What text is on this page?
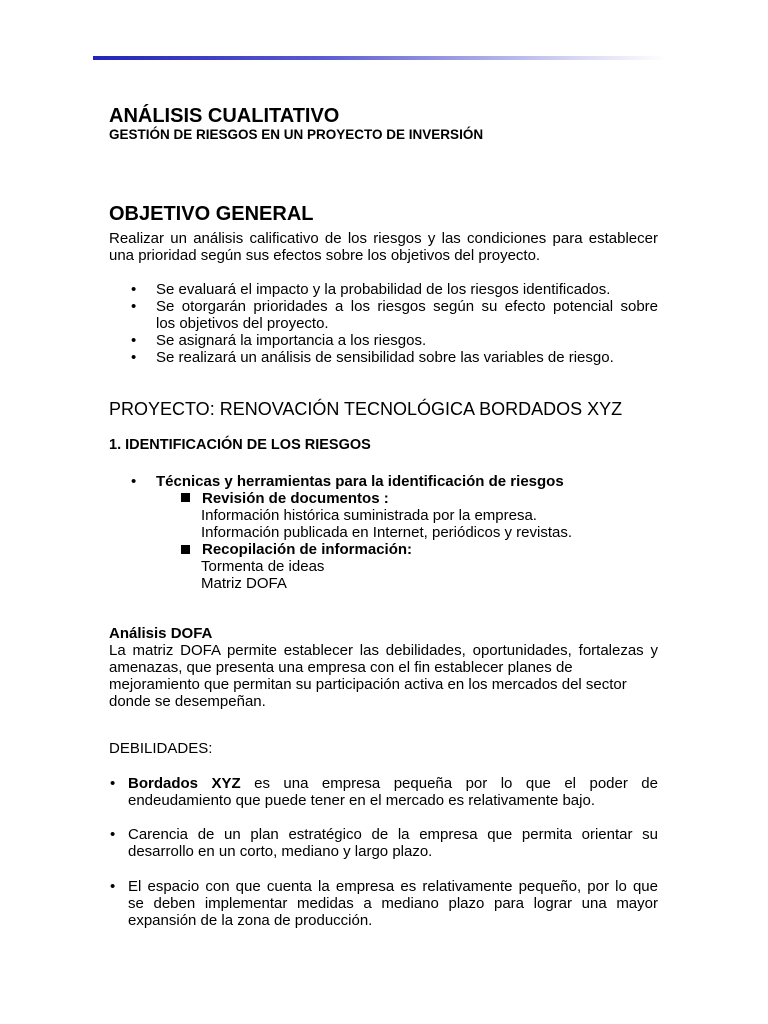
ANÁLISIS CUALITATIVO
GESTIÓN DE RIESGOS EN UN PROYECTO DE INVERSIÓN
OBJETIVO GENERAL
Realizar un análisis calificativo de los riesgos y las condiciones para establecer
una prioridad según sus efectos sobre los objetivos del proyecto.
• Se evaluará el impacto y la probabilidad de los riesgos identificados.
• Se otorgarán prioridades a los riesgos según su efecto potencial sobre
los objetivos del proyecto.
• Se asignará la importancia a los riesgos.
• Se realizará un análisis de sensibilidad sobre las variables de riesgo.
PROYECTO: RENOVACIÓN TECNOLÓGICA BORDADOS XYZ
1. IDENTIFICACIÓN DE LOS RIESGOS
• Técnicas y herramientas para la identificación de riesgos
Revisión de documentos :
Información histórica suministrada por la empresa.
Información publicada en Internet, periódicos y revistas.
Recopilación de información:
Tormenta de ideas
Matriz DOFA
Análisis DOFA
La matriz DOFA permite establecer las debilidades, oportunidades, fortalezas y
amenazas, que presenta una empresa con el fin establecer planes de
mejoramiento que permitan su participación activa en los mercados del sector
donde se desempeñan.
DEBILIDADES:
• Bordados XYZ es una empresa pequeña por lo que el poder de
endeudamiento que puede tener en el mercado es relativamente bajo.
• Carencia de un plan estratégico de la empresa que permita orientar su
desarrollo en un corto, mediano y largo plazo.
• El espacio con que cuenta la empresa es relativamente pequeño, por lo que
se deben implementar medidas a mediano plazo para lograr una mayor
expansión de la zona de producción.
